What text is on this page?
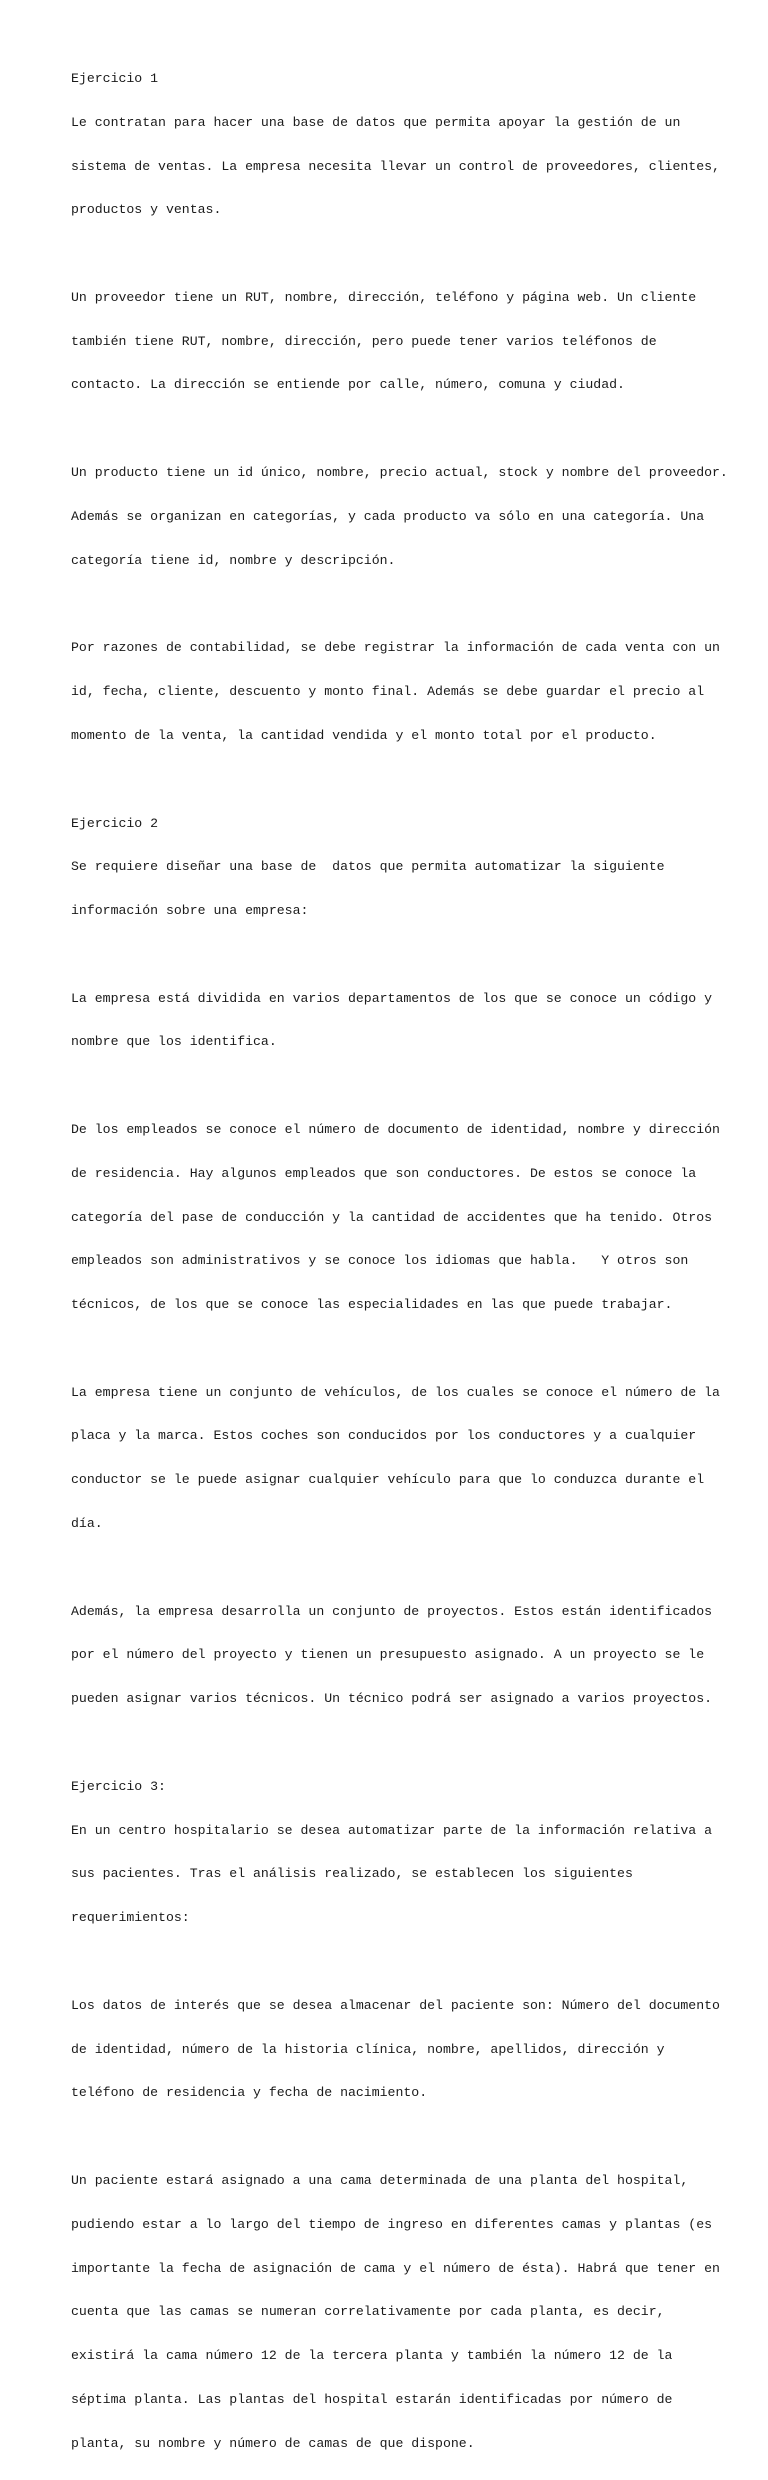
Ejercicio 1

Le contratan para hacer una base de datos que permita apoyar la gestión de un

sistema de ventas. La empresa necesita llevar un control de proveedores, clientes,

productos y ventas.

Un proveedor tiene un RUT, nombre, dirección, teléfono y página web. Un cliente

también tiene RUT, nombre, dirección, pero puede tener varios teléfonos de

contacto. La dirección se entiende por calle, número, comuna y ciudad.

Un producto tiene un id único, nombre, precio actual, stock y nombre del proveedor.

Además se organizan en categorías, y cada producto va sólo en una categoría. Una

categoría tiene id, nombre y descripción.

Por razones de contabilidad, se debe registrar la información de cada venta con un

id, fecha, cliente, descuento y monto final. Además se debe guardar el precio al

momento de la venta, la cantidad vendida y el monto total por el producto.

Ejercicio 2

Se requiere diseñar una base de  datos que permita automatizar la siguiente

información sobre una empresa:

La empresa está dividida en varios departamentos de los que se conoce un código y

nombre que los identifica.

De los empleados se conoce el número de documento de identidad, nombre y dirección

de residencia. Hay algunos empleados que son conductores. De estos se conoce la

categoría del pase de conducción y la cantidad de accidentes que ha tenido. Otros

empleados son administrativos y se conoce los idiomas que habla.   Y otros son

técnicos, de los que se conoce las especialidades en las que puede trabajar.

La empresa tiene un conjunto de vehículos, de los cuales se conoce el número de la

placa y la marca. Estos coches son conducidos por los conductores y a cualquier

conductor se le puede asignar cualquier vehículo para que lo conduzca durante el

día.

Además, la empresa desarrolla un conjunto de proyectos. Estos están identificados

por el número del proyecto y tienen un presupuesto asignado. A un proyecto se le

pueden asignar varios técnicos. Un técnico podrá ser asignado a varios proyectos.

Ejercicio 3:

En un centro hospitalario se desea automatizar parte de la información relativa a

sus pacientes. Tras el análisis realizado, se establecen los siguientes

requerimientos:

Los datos de interés que se desea almacenar del paciente son: Número del documento

de identidad, número de la historia clínica, nombre, apellidos, dirección y

teléfono de residencia y fecha de nacimiento.

Un paciente estará asignado a una cama determinada de una planta del hospital,

pudiendo estar a lo largo del tiempo de ingreso en diferentes camas y plantas (es

importante la fecha de asignación de cama y el número de ésta). Habrá que tener en

cuenta que las camas se numeran correlativamente por cada planta, es decir,

existirá la cama número 12 de la tercera planta y también la número 12 de la

séptima planta. Las plantas del hospital estarán identificadas por número de

planta, su nombre y número de camas de que dispone.
